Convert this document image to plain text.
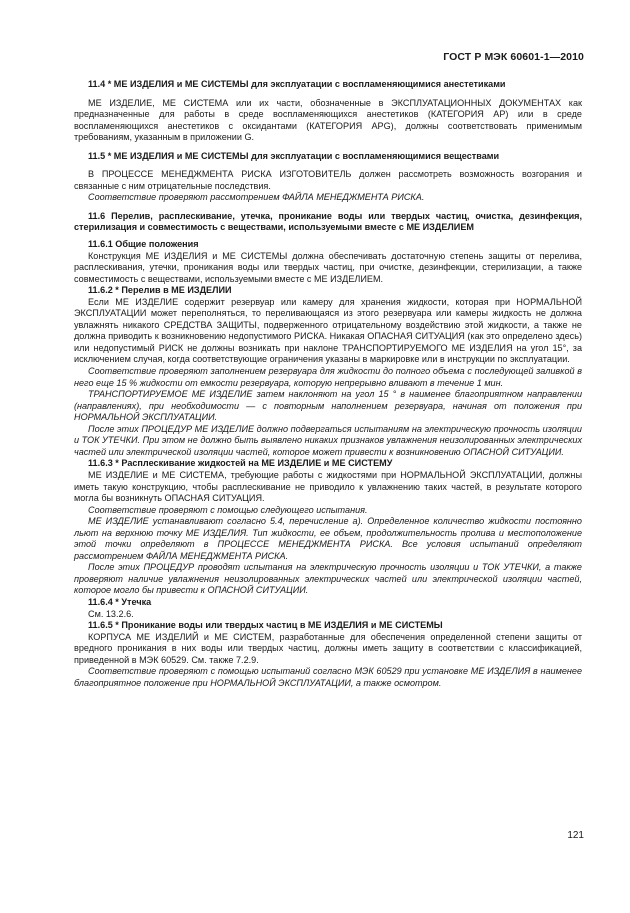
ГОСТ Р МЭК 60601-1—2010

11.4 * МЕ ИЗДЕЛИЯ и МЕ СИСТЕМЫ для эксплуатации с воспламеняющимися анестетиками

МЕ ИЗДЕЛИЕ, МЕ СИСТЕМА или их части, обозначенные в ЭКСПЛУАТАЦИОННЫХ ДОКУМЕНТАХ как предназначенные для работы в среде воспламеняющихся анестетиков (КАТЕГОРИЯ АР) или в среде воспламеняющихся анестетиков с оксидантами (КАТЕГОРИЯ APG), должны соответствовать применимым требованиям, указанным в приложении G.

11.5 * МЕ ИЗДЕЛИЯ и МЕ СИСТЕМЫ для эксплуатации с воспламеняющимися веществами

В ПРОЦЕССЕ МЕНЕДЖМЕНТА РИСКА ИЗГОТОВИТЕЛЬ должен рассмотреть возможность возгорания и связанные с ним отрицательные последствия.

Соответствие проверяют рассмотрением ФАЙЛА МЕНЕДЖМЕНТА РИСКА.

11.6 Перелив, расплескивание, утечка, проникание воды или твердых частиц, очистка, дезинфекция, стерилизация и совместимость с веществами, используемыми вместе с МЕ ИЗДЕЛИЕМ

11.6.1 Общие положения

Конструкция МЕ ИЗДЕЛИЯ и МЕ СИСТЕМЫ должна обеспечивать достаточную степень защиты от перелива, расплескивания, утечки, проникания воды или твердых частиц, при очистке, дезинфекции, стерилизации, а также совместимость с веществами, используемыми вместе с МЕ ИЗДЕЛИЕМ.

11.6.2 * Перелив в МЕ ИЗДЕЛИИ

Если МЕ ИЗДЕЛИЕ содержит резервуар или камеру для хранения жидкости, которая при НОРМАЛЬНОЙ ЭКСПЛУАТАЦИИ может переполняться, то переливающаяся из этого резервуара или камеры жидкость не должна увлажнять никакого СРЕДСТВА ЗАЩИТЫ, подверженного отрицательному воздействию этой жидкости, а также не должна приводить к возникновению недопустимого РИСКА. Никакая ОПАСНАЯ СИТУАЦИЯ (как это определено здесь) или недопустимый РИСК не должны возникать при наклоне ТРАНСПОРТИРУЕМОГО МЕ ИЗДЕЛИЯ на угол 15°, за исключением случая, когда соответствующие ограничения указаны в маркировке или в инструкции по эксплуатации.

Соответствие проверяют заполнением резервуара для жидкости до полного объема с последующей заливкой в него еще 15 % жидкости от емкости резервуара, которую непрерывно вливают в течение 1 мин.

ТРАНСПОРТИРУЕМОЕ МЕ ИЗДЕЛИЕ затем наклоняют на угол 15 ° в наименее благоприятном направлении (направлениях), при необходимости — с повторным наполнением резервуара, начиная от положения при НОРМАЛЬНОЙ ЭКСПЛУАТАЦИИ.

После этих ПРОЦЕДУР МЕ ИЗДЕЛИЕ должно подвергаться испытаниям на электрическую прочность изоляции и ТОК УТЕЧКИ. При этом не должно быть выявлено никаких признаков увлажнения неизолированных электрических частей или электрической изоляции частей, которое может привести к возникновению ОПАСНОЙ СИТУАЦИИ.

11.6.3 * Расплескивание жидкостей на МЕ ИЗДЕЛИЕ и МЕ СИСТЕМУ

МЕ ИЗДЕЛИЕ и МЕ СИСТЕМА, требующие работы с жидкостями при НОРМАЛЬНОЙ ЭКСПЛУАТАЦИИ, должны иметь такую конструкцию, чтобы расплескивание не приводило к увлажнению таких частей, в результате которого могла бы возникнуть ОПАСНАЯ СИТУАЦИЯ.

Соответствие проверяют с помощью следующего испытания.

МЕ ИЗДЕЛИЕ устанавливают согласно 5.4, перечисление а). Определенное количество жидкости постоянно льют на верхнюю точку МЕ ИЗДЕЛИЯ. Тип жидкости, ее объем, продолжительность пролива и местоположение этой точки определяют в ПРОЦЕССЕ МЕНЕДЖМЕНТА РИСКА. Все условия испытаний определяют рассмотрением ФАЙЛА МЕНЕДЖМЕНТА РИСКА.

После этих ПРОЦЕДУР проводят испытания на электрическую прочность изоляции и ТОК УТЕЧКИ, а также проверяют наличие увлажнения неизолированных электрических частей или электрической изоляции частей, которое могло бы привести к ОПАСНОЙ СИТУАЦИИ.

11.6.4 * Утечка

См. 13.2.6.

11.6.5 * Проникание воды или твердых частиц в МЕ ИЗДЕЛИЯ и МЕ СИСТЕМЫ

КОРПУСА МЕ ИЗДЕЛИЙ и МЕ СИСТЕМ, разработанные для обеспечения определенной степени защиты от вредного проникания в них воды или твердых частиц, должны иметь защиту в соответствии с классификацией, приведенной в МЭК 60529. См. также 7.2.9.

Соответствие проверяют с помощью испытаний согласно МЭК 60529 при установке МЕ ИЗДЕЛИЯ в наименее благоприятное положение при НОРМАЛЬНОЙ ЭКСПЛУАТАЦИИ, а также осмотром.

121
